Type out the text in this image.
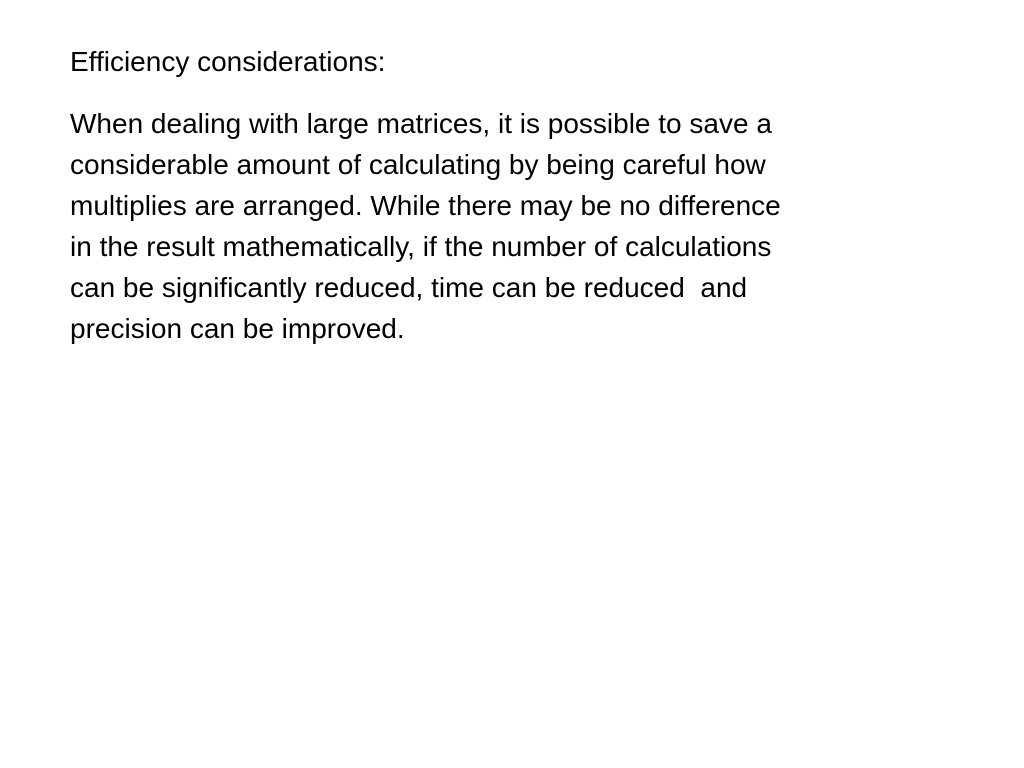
Efficiency considerations:

When dealing with large matrices, it is possible to save a
considerable amount of calculating by being careful how
multiplies are arranged. While there may be no difference
in the result mathematically, if the number of calculations
can be significantly reduced, time can be reduced  and
precision can be improved.
